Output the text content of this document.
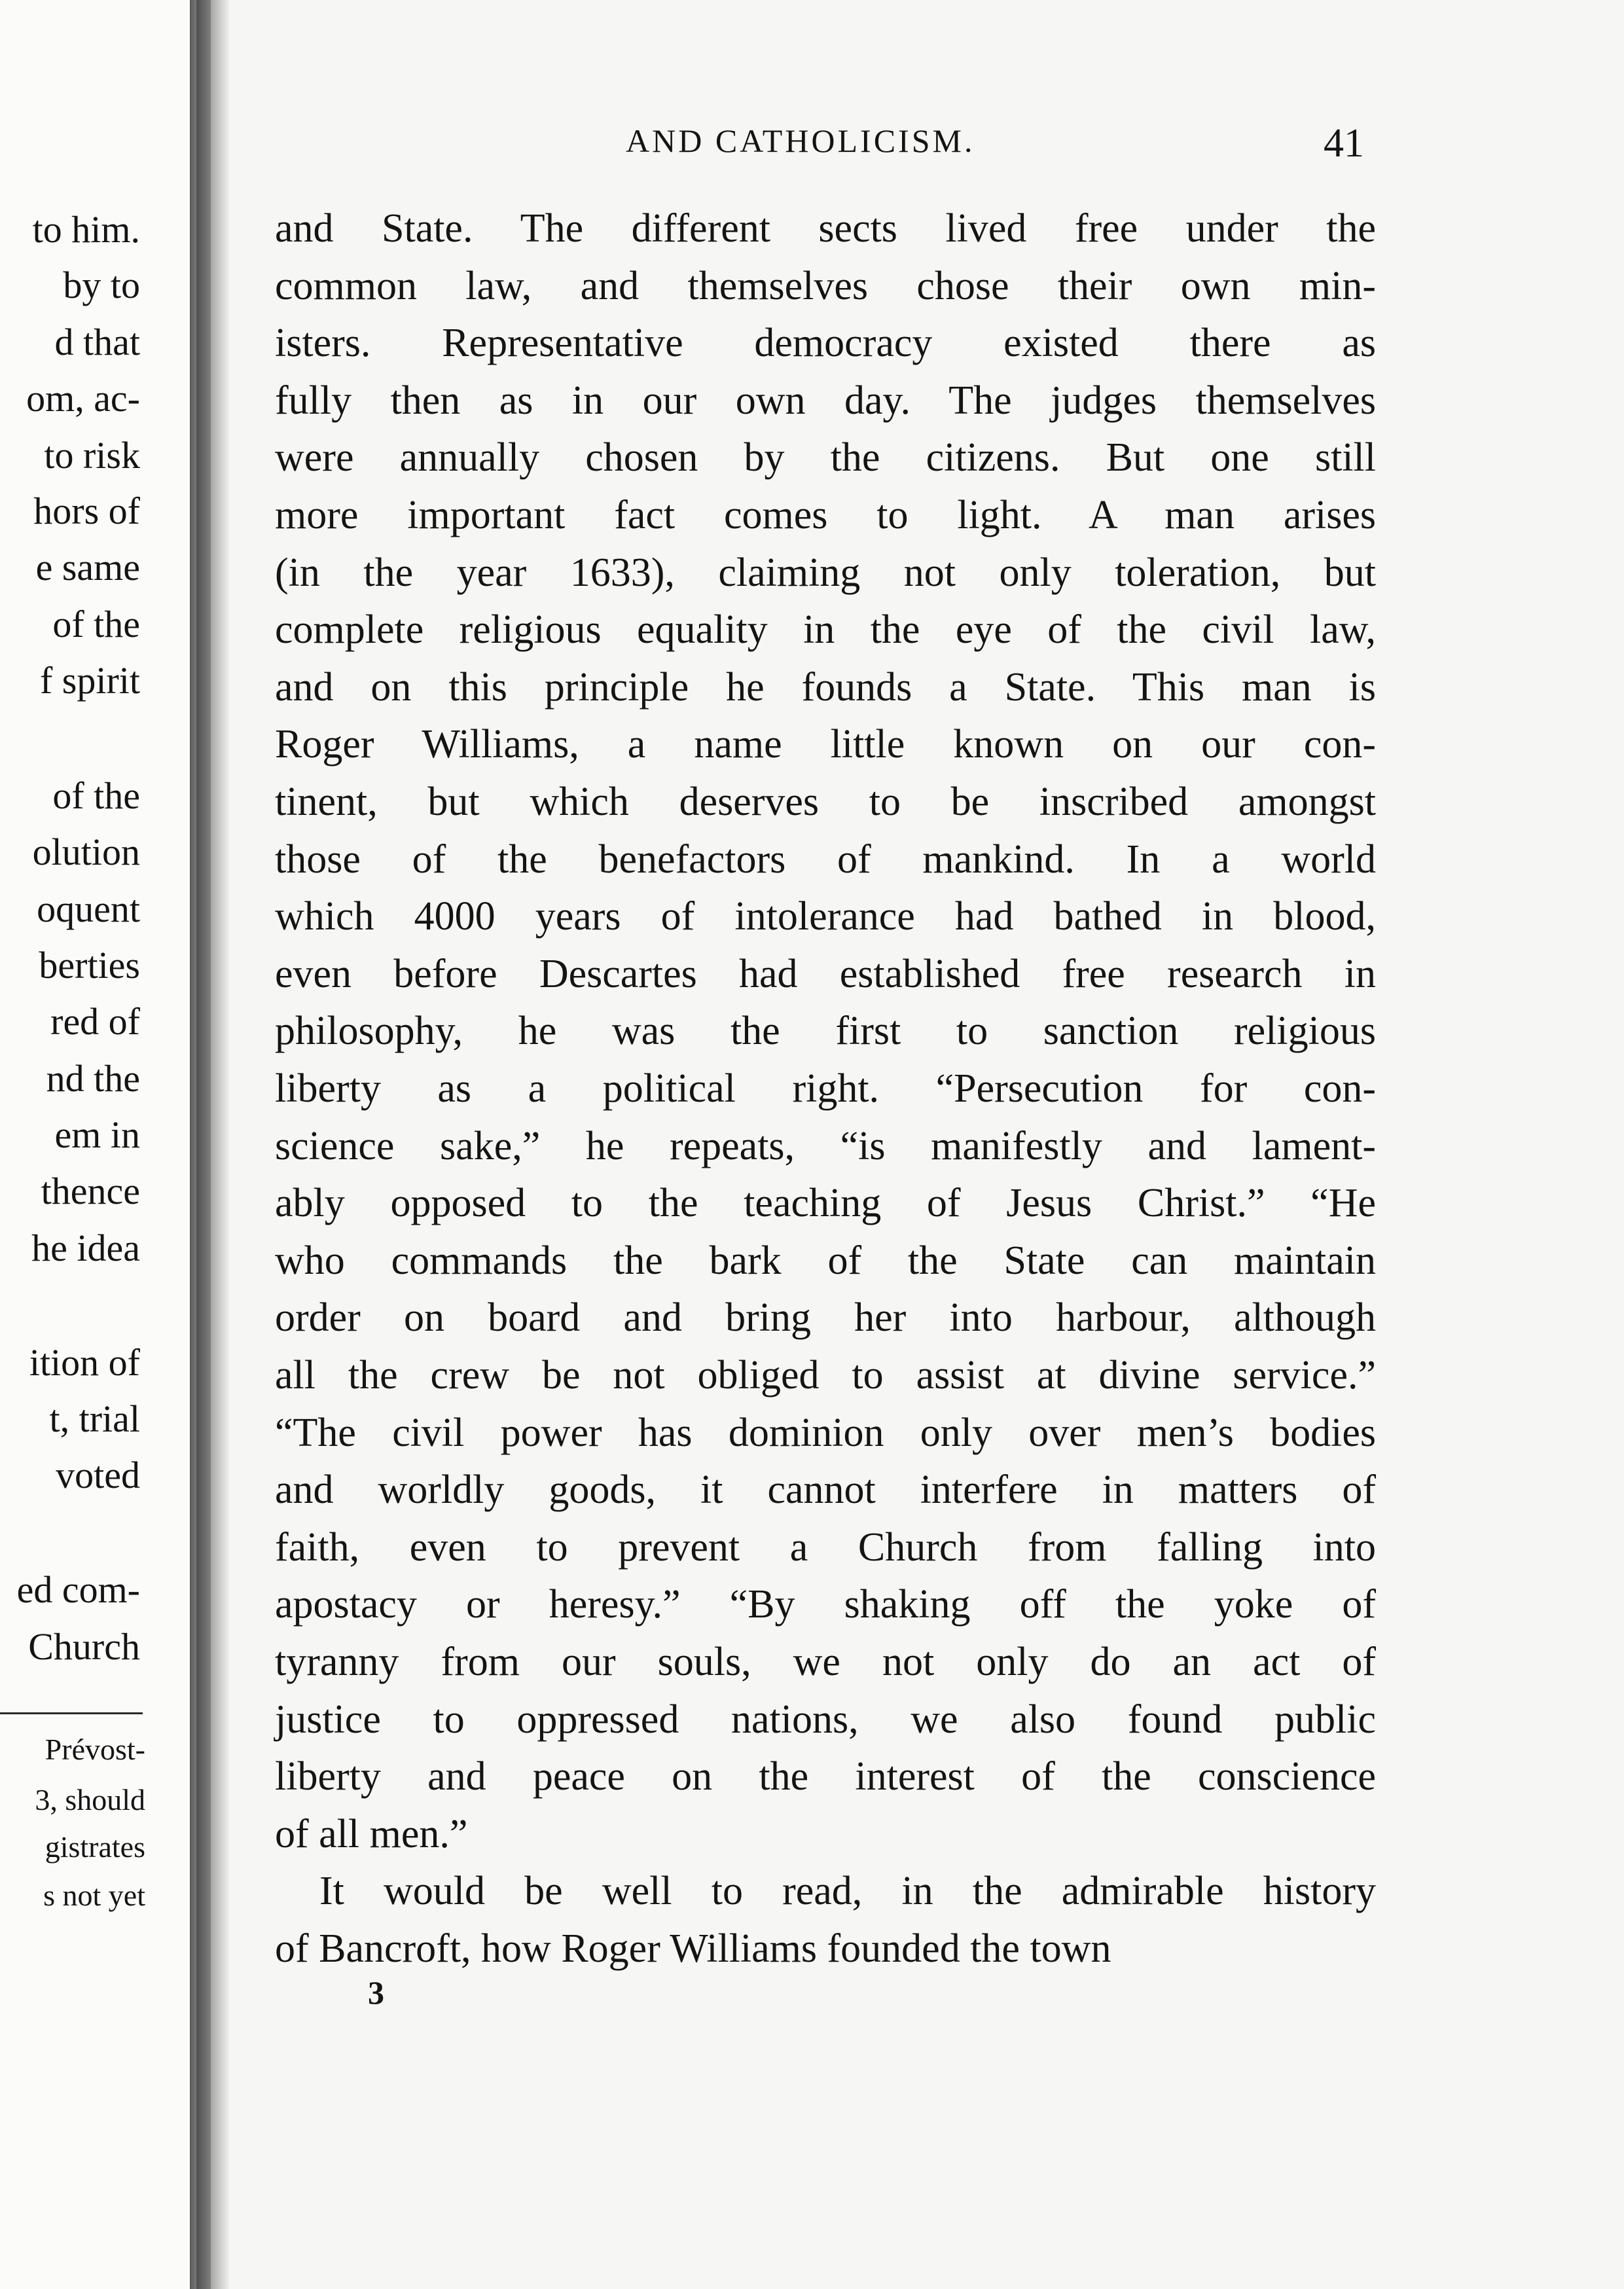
to him.
by to
d that
om, ac-
to risk
hors of
e same
of the
f spirit
of the
olution
oquent
berties
red of
nd the
em in
thence
he idea
ition of
t, trial
voted
ed com-
Church
Prévost-
3, should
gistrates
s not yet
AND CATHOLICISM.	41
and State. The different sects lived free under the
common law, and themselves chose their own min-
isters. Representative democracy existed there as
fully then as in our own day. The judges themselves
were annually chosen by the citizens. But one still
more important fact comes to light. A man arises
(in the year 1633), claiming not only toleration, but
complete religious equality in the eye of the civil law,
and on this principle he founds a State. This man is
Roger Williams, a name little known on our con-
tinent, but which deserves to be inscribed amongst
those of the benefactors of mankind. In a world
which 4000 years of intolerance had bathed in blood,
even before Descartes had established free research in
philosophy, he was the first to sanction religious
liberty as a political right. “Persecution for con-
science sake,” he repeats, “is manifestly and lament-
ably opposed to the teaching of Jesus Christ.” “He
who commands the bark of the State can maintain
order on board and bring her into harbour, although
all the crew be not obliged to assist at divine service.”
“The civil power has dominion only over men’s bodies
and worldly goods, it cannot interfere in matters of
faith, even to prevent a Church from falling into
apostacy or heresy.” “By shaking off the yoke of
tyranny from our souls, we not only do an act of
justice to oppressed nations, we also found public
liberty and peace on the interest of the conscience
of all men.”
It would be well to read, in the admirable history
of Bancroft, how Roger Williams founded the town
3
